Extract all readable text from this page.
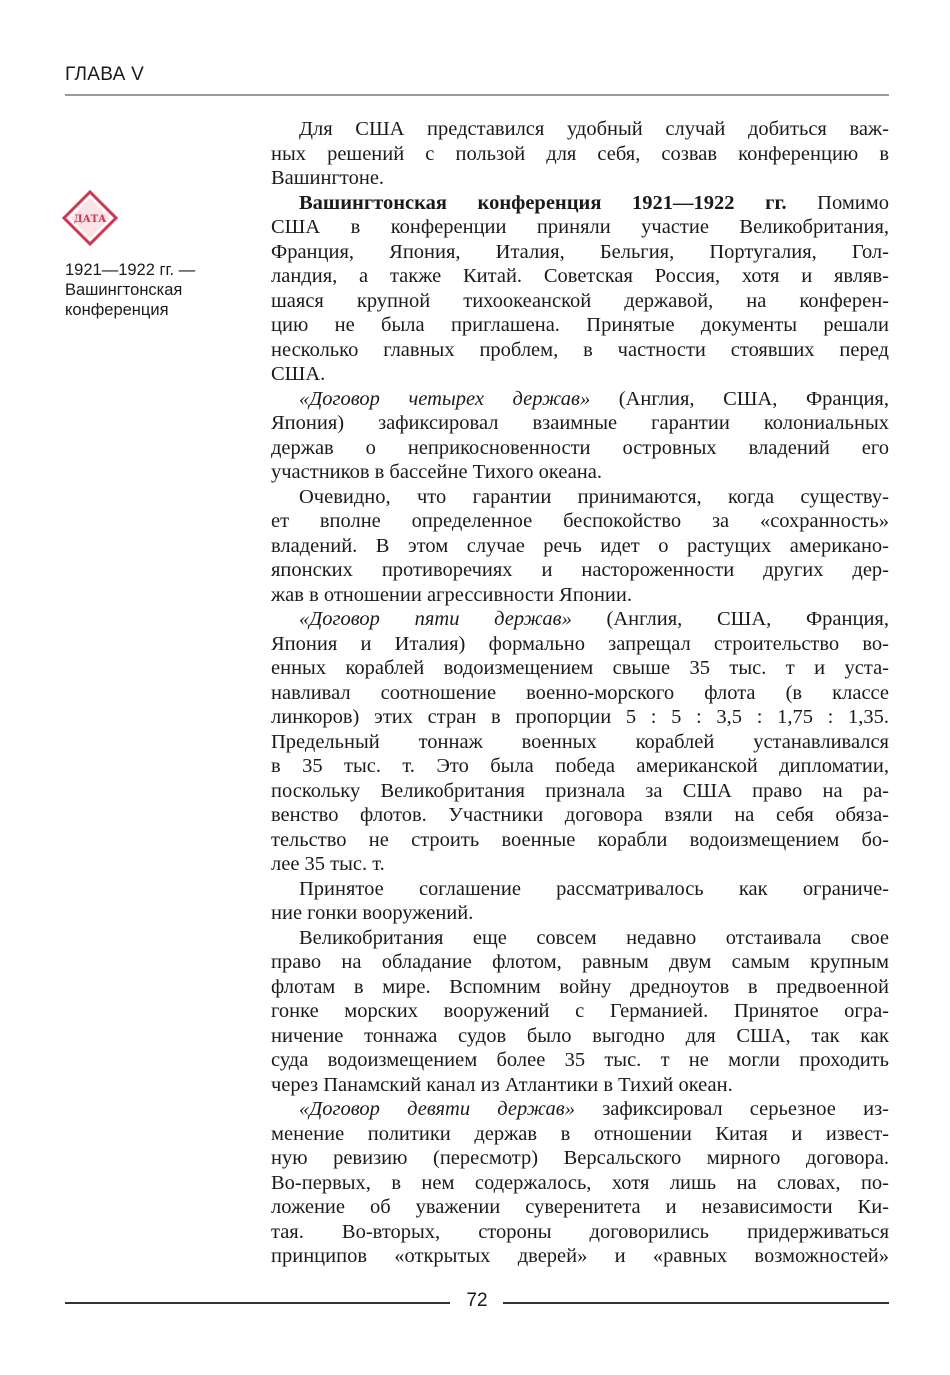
ГЛАВА V
ДАТА
1921—1922 гг. —
Вашингтонская
конференция
Для США представился удобный случай добиться важ-
ных решений с пользой для себя, созвав конференцию в
Вашингтоне.
Вашингтонская конференция 1921—1922 гг. Помимо
США в конференции приняли участие Великобритания,
Франция, Япония, Италия, Бельгия, Португалия, Гол-
ландия, а также Китай. Советская Россия, хотя и являв-
шаяся крупной тихоокеанской державой, на конферен-
цию не была приглашена. Принятые документы решали
несколько главных проблем, в частности стоявших перед
США.
«Договор четырех держав» (Англия, США, Франция,
Япония) зафиксировал взаимные гарантии колониальных
держав о неприкосновенности островных владений его
участников в бассейне Тихого океана.
Очевидно, что гарантии принимаются, когда существу-
ет вполне определенное беспокойство за «сохранность»
владений. В этом случае речь идет о растущих американо-
японских противоречиях и настороженности других дер-
жав в отношении агрессивности Японии.
«Договор пяти держав» (Англия, США, Франция,
Япония и Италия) формально запрещал строительство во-
енных кораблей водоизмещением свыше 35 тыс. т и уста-
навливал соотношение военно-морского флота (в классе
линкоров) этих стран в пропорции 5 : 5 : 3,5 : 1,75 : 1,35.
Предельный тоннаж военных кораблей устанавливался
в 35 тыс. т. Это была победа американской дипломатии,
поскольку Великобритания признала за США право на ра-
венство флотов. Участники договора взяли на себя обяза-
тельство не строить военные корабли водоизмещением бо-
лее 35 тыс. т.
Принятое соглашение рассматривалось как ограниче-
ние гонки вооружений.
Великобритания еще совсем недавно отстаивала свое
право на обладание флотом, равным двум самым крупным
флотам в мире. Вспомним войну дредноутов в предвоенной
гонке морских вооружений с Германией. Принятое огра-
ничение тоннажа судов было выгодно для США, так как
суда водоизмещением более 35 тыс. т не могли проходить
через Панамский канал из Атлантики в Тихий океан.
«Договор девяти держав» зафиксировал серьезное из-
менение политики держав в отношении Китая и извест-
ную ревизию (пересмотр) Версальского мирного договора.
Во-первых, в нем содержалось, хотя лишь на словах, по-
ложение об уважении суверенитета и независимости Ки-
тая. Во-вторых, стороны договорились придерживаться
принципов «открытых дверей» и «равных возможностей»
72
